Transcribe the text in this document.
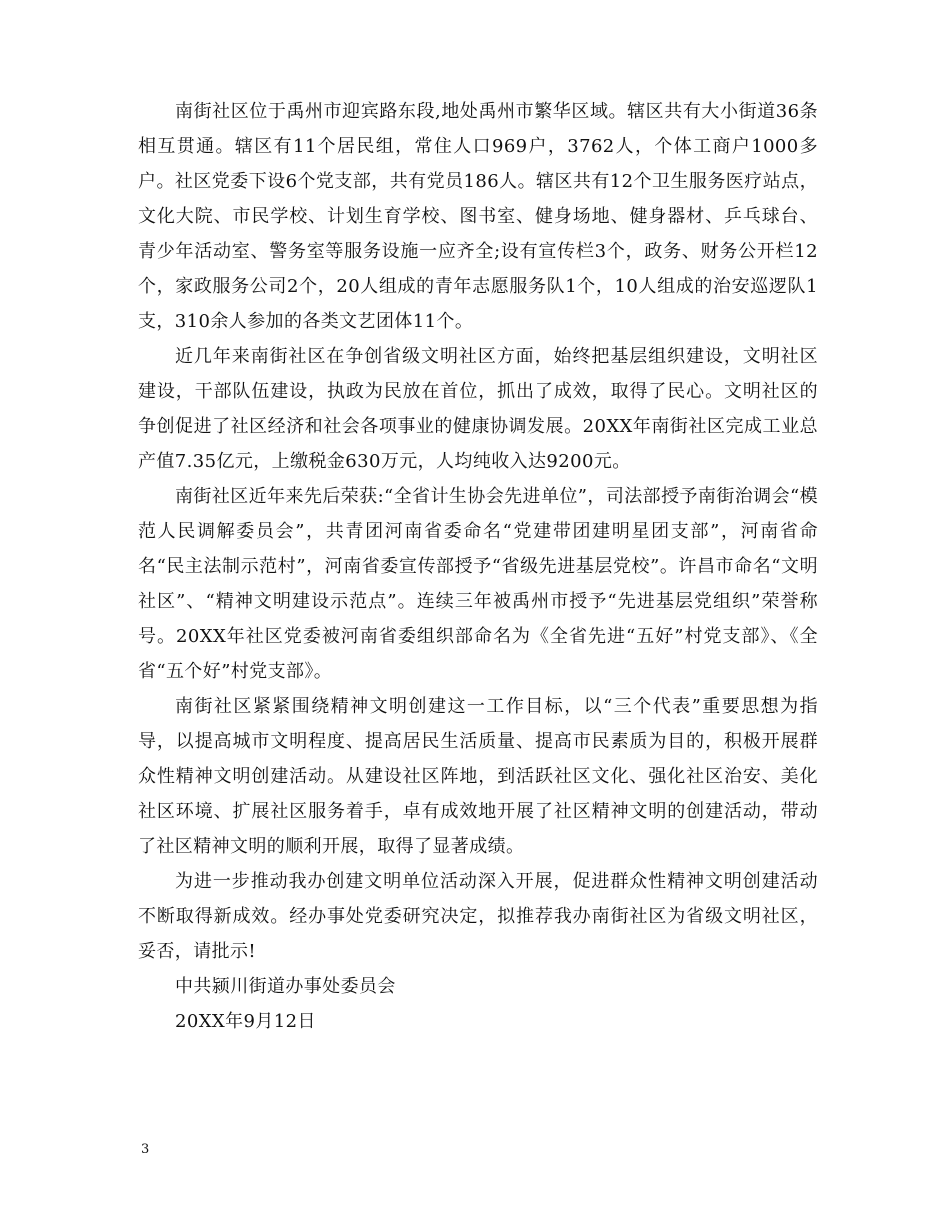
南街社区位于禹州市迎宾路东段,地处禹州市繁华区域。辖区共有大小街道36条相互贯通。辖区有11个居民组，常住人口969户，3762人，个体工商户1000多户。社区党委下设6个党支部，共有党员186人。辖区共有12个卫生服务医疗站点，文化大院、市民学校、计划生育学校、图书室、健身场地、健身器材、乒乓球台、青少年活动室、警务室等服务设施一应齐全;设有宣传栏3个，政务、财务公开栏12个，家政服务公司2个，20人组成的青年志愿服务队1个，10人组成的治安巡逻队1支，310余人参加的各类文艺团体11个。

近几年来南街社区在争创省级文明社区方面，始终把基层组织建设，文明社区建设，干部队伍建设，执政为民放在首位，抓出了成效，取得了民心。文明社区的争创促进了社区经济和社会各项事业的健康协调发展。20XX年南街社区完成工业总产值7.35亿元，上缴税金630万元，人均纯收入达9200元。

南街社区近年来先后荣获:“全省计生协会先进单位”，司法部授予南街治调会“模范人民调解委员会”，共青团河南省委命名“党建带团建明星团支部”，河南省命名“民主法制示范村”，河南省委宣传部授予“省级先进基层党校”。许昌市命名“文明社区”、“精神文明建设示范点”。连续三年被禹州市授予“先进基层党组织”荣誉称号。20XX年社区党委被河南省委组织部命名为《全省先进“五好”村党支部》、《全省“五个好”村党支部》。

南街社区紧紧围绕精神文明创建这一工作目标，以“三个代表”重要思想为指导，以提高城市文明程度、提高居民生活质量、提高市民素质为目的，积极开展群众性精神文明创建活动。从建设社区阵地，到活跃社区文化、强化社区治安、美化社区环境、扩展社区服务着手，卓有成效地开展了社区精神文明的创建活动，带动了社区精神文明的顺利开展，取得了显著成绩。

为进一步推动我办创建文明单位活动深入开展，促进群众性精神文明创建活动不断取得新成效。经办事处党委研究决定，拟推荐我办南街社区为省级文明社区，妥否，请批示!

中共颍川街道办事处委员会

20XX年9月12日

3
